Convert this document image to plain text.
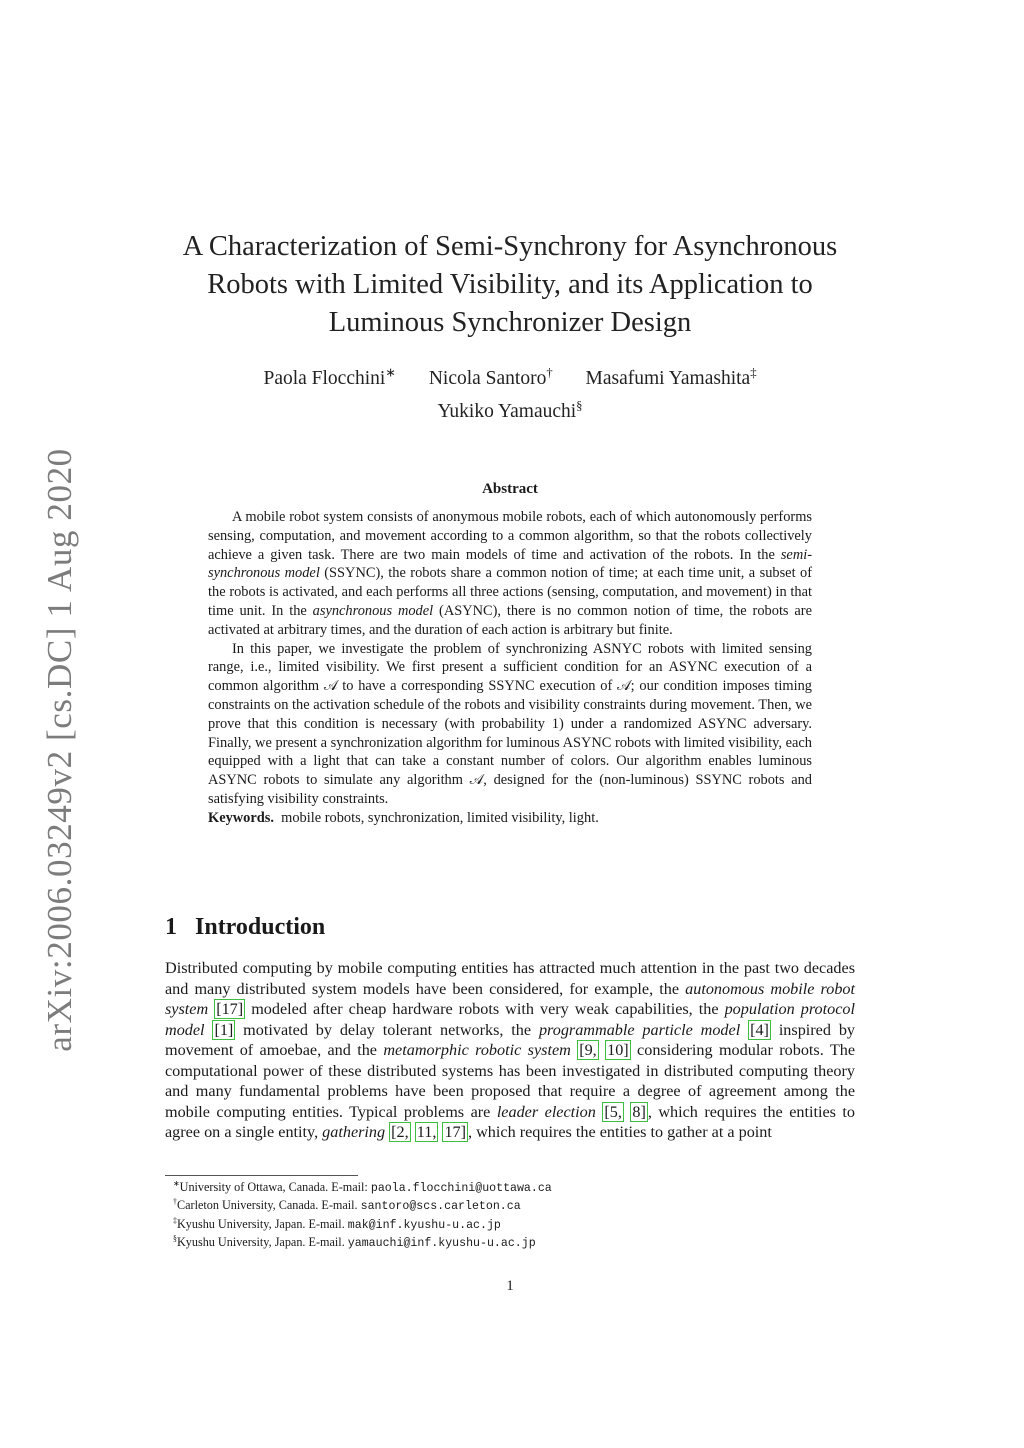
arXiv:2006.03249v2 [cs.DC] 1 Aug 2020
A Characterization of Semi-Synchrony for Asynchronous Robots with Limited Visibility, and its Application to Luminous Synchronizer Design
Paola Flocchini∗ Nicola Santoro† Masafumi Yamashita‡
Yukiko Yamauchi§
Abstract

A mobile robot system consists of anonymous mobile robots, each of which autonomously performs sensing, computation, and movement according to a common algorithm, so that the robots collectively achieve a given task. There are two main models of time and activation of the robots. In the semi-synchronous model (SSYNC), the robots share a common notion of time; at each time unit, a subset of the robots is activated, and each performs all three actions (sensing, computation, and movement) in that time unit. In the asynchronous model (ASYNC), there is no common notion of time, the robots are activated at arbitrary times, and the duration of each action is arbitrary but finite.

In this paper, we investigate the problem of synchronizing ASNYC robots with limited sensing range, i.e., limited visibility. We first present a sufficient condition for an ASYNC execution of a common algorithm 𝒜 to have a corresponding SSYNC execution of 𝒜; our condition imposes timing constraints on the activation schedule of the robots and visibility constraints during movement. Then, we prove that this condition is necessary (with probability 1) under a randomized ASYNC adversary. Finally, we present a synchronization algorithm for luminous ASYNC robots with limited visibility, each equipped with a light that can take a constant number of colors. Our algorithm enables luminous ASYNC robots to simulate any algorithm 𝒜, designed for the (non-luminous) SSYNC robots and satisfying visibility constraints.

Keywords. mobile robots, synchronization, limited visibility, light.

1 Introduction

Distributed computing by mobile computing entities has attracted much attention in the past two decades and many distributed system models have been considered, for example, the autonomous mobile robot system [17] modeled after cheap hardware robots with very weak capabilities, the population protocol model [1] motivated by delay tolerant networks, the programmable particle model [4] inspired by movement of amoebae, and the metamorphic robotic system [9, 10] considering modular robots. The computational power of these distributed systems has been investigated in distributed computing theory and many fundamental problems have been proposed that require a degree of agreement among the mobile computing entities. Typical problems are leader election [5, 8] , which requires the entities to agree on a single entity, gathering [2, 11, 17] , which requires the entities to gather at a point

∗University of Ottawa, Canada. E-mail: paola.flocchini@uottawa.ca
†Carleton University, Canada. E-mail. santoro@scs.carleton.ca
‡Kyushu University, Japan. E-mail. mak@inf.kyushu-u.ac.jp
§Kyushu University, Japan. E-mail. yamauchi@inf.kyushu-u.ac.jp
1
